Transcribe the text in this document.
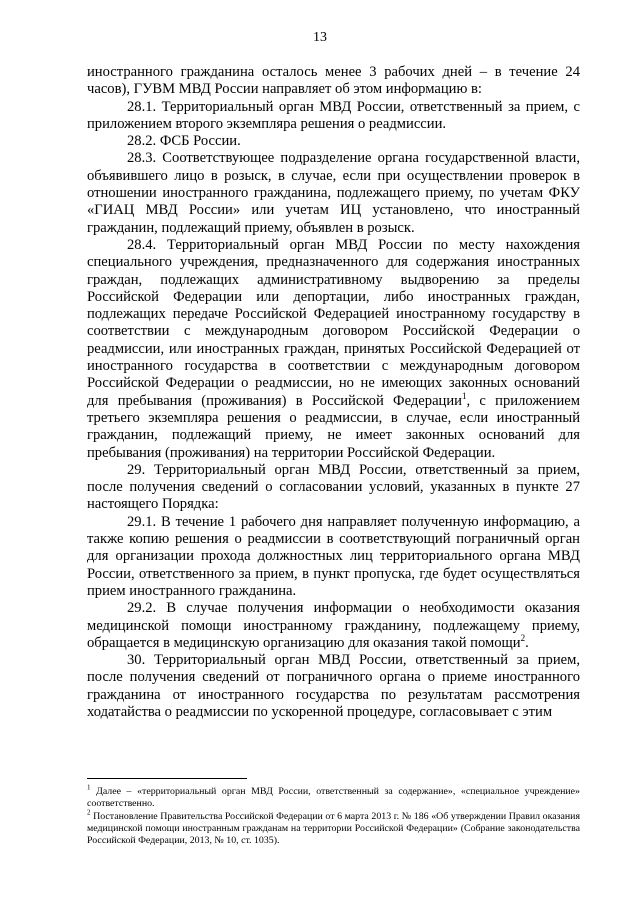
13

иностранного гражданина осталось менее 3 рабочих дней – в течение 24 часов), ГУВМ МВД России направляет об этом информацию в:

28.1. Территориальный орган МВД России, ответственный за прием, с приложением второго экземпляра решения о реадмиссии.

28.2. ФСБ России.

28.3. Соответствующее подразделение органа государственной власти, объявившего лицо в розыск, в случае, если при осуществлении проверок в отношении иностранного гражданина, подлежащего приему, по учетам ФКУ «ГИАЦ МВД России» или учетам ИЦ установлено, что иностранный гражданин, подлежащий приему, объявлен в розыск.

28.4. Территориальный орган МВД России по месту нахождения специального учреждения, предназначенного для содержания иностранных граждан, подлежащих административному выдворению за пределы Российской Федерации или депортации, либо иностранных граждан, подлежащих передаче Российской Федерацией иностранному государству в соответствии с международным договором Российской Федерации о реадмиссии, или иностранных граждан, принятых Российской Федерацией от иностранного государства в соответствии с международным договором Российской Федерации о реадмиссии, но не имеющих законных оснований для пребывания (проживания) в Российской Федерации$^1$, с приложением третьего экземпляра решения о реадмиссии, в случае, если иностранный гражданин, подлежащий приему, не имеет законных оснований для пребывания (проживания) на территории Российской Федерации.

29. Территориальный орган МВД России, ответственный за прием, после получения сведений о согласовании условий, указанных в пункте 27 настоящего Порядка:

29.1. В течение 1 рабочего дня направляет полученную информацию, а также копию решения о реадмиссии в соответствующий пограничный орган для организации прохода должностных лиц территориального органа МВД России, ответственного за прием, в пункт пропуска, где будет осуществляться прием иностранного гражданина.

29.2. В случае получения информации о необходимости оказания медицинской помощи иностранному гражданину, подлежащему приему, обращается в медицинскую организацию для оказания такой помощи$^2$.

30. Территориальный орган МВД России, ответственный за прием, после получения сведений от пограничного органа о приеме иностранного гражданина от иностранного государства по результатам рассмотрения ходатайства о реадмиссии по ускоренной процедуре, согласовывает с этим

$^1$ Далее – «территориальный орган МВД России, ответственный за содержание», «специальное учреждение» соответственно.

$^2$ Постановление Правительства Российской Федерации от 6 марта 2013 г. № 186 «Об утверждении Правил оказания медицинской помощи иностранным гражданам на территории Российской Федерации» (Собрание законодательства Российской Федерации, 2013, № 10, ст. 1035).
